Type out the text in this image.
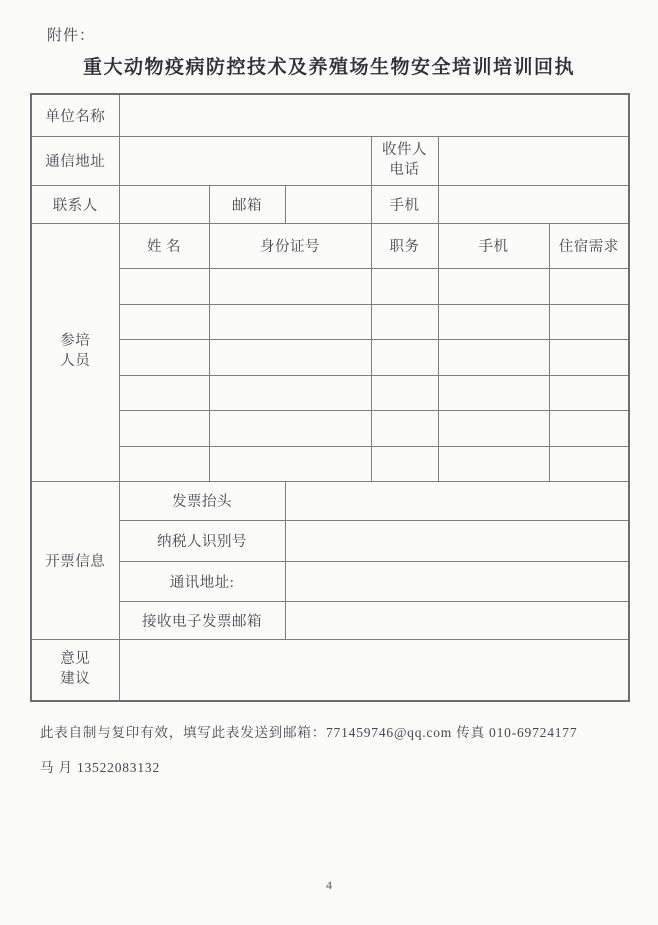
附件：
重大动物疫病防控技术及养殖场生物安全培训培训回执
单位名称						
通信地址				收件人
电话		

联系人		邮箱		手机		

参培
人员	姓 名	身份证号		职务	手机	住宿需求

开票信息	发票抬头					
	纳税人识别号					
	通讯地址:					
	接收电子发票邮箱					

意见
建议						

此表自制与复印有效，填写此表发送到邮箱：771459746@qq.com 传真 010-69724177
马 月 13522083132
4
